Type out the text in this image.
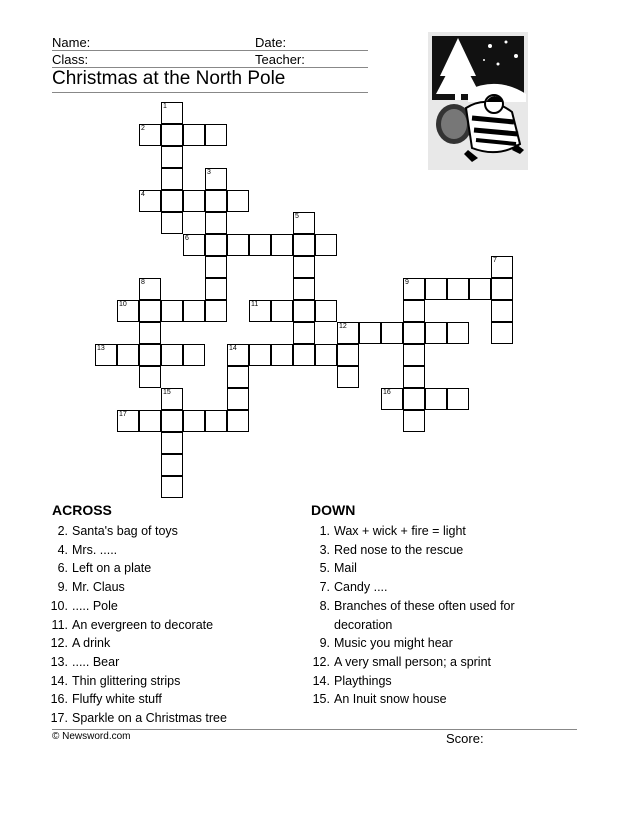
Name:	Date:
Class:	Teacher:
Christmas at the North Pole
1
2
3
4
5
6
7
8	9
10	11
12
13	14
15	16
17
ACROSS
2. Santa's bag of toys
4. Mrs. .....
6. Left on a plate
9. Mr. Claus
10. ..... Pole
11. An evergreen to decorate
12. A drink
13. ..... Bear
14. Thin glittering strips
16. Fluffy white stuff
17. Sparkle on a Christmas tree
DOWN
1. Wax + wick + fire = light
3. Red nose to the rescue
5. Mail
7. Candy ....
8. Branches of these often used for decoration
9. Music you might hear
12. A very small person; a sprint
14. Playthings
15. An Inuit snow house
© Newsword.com	Score:
